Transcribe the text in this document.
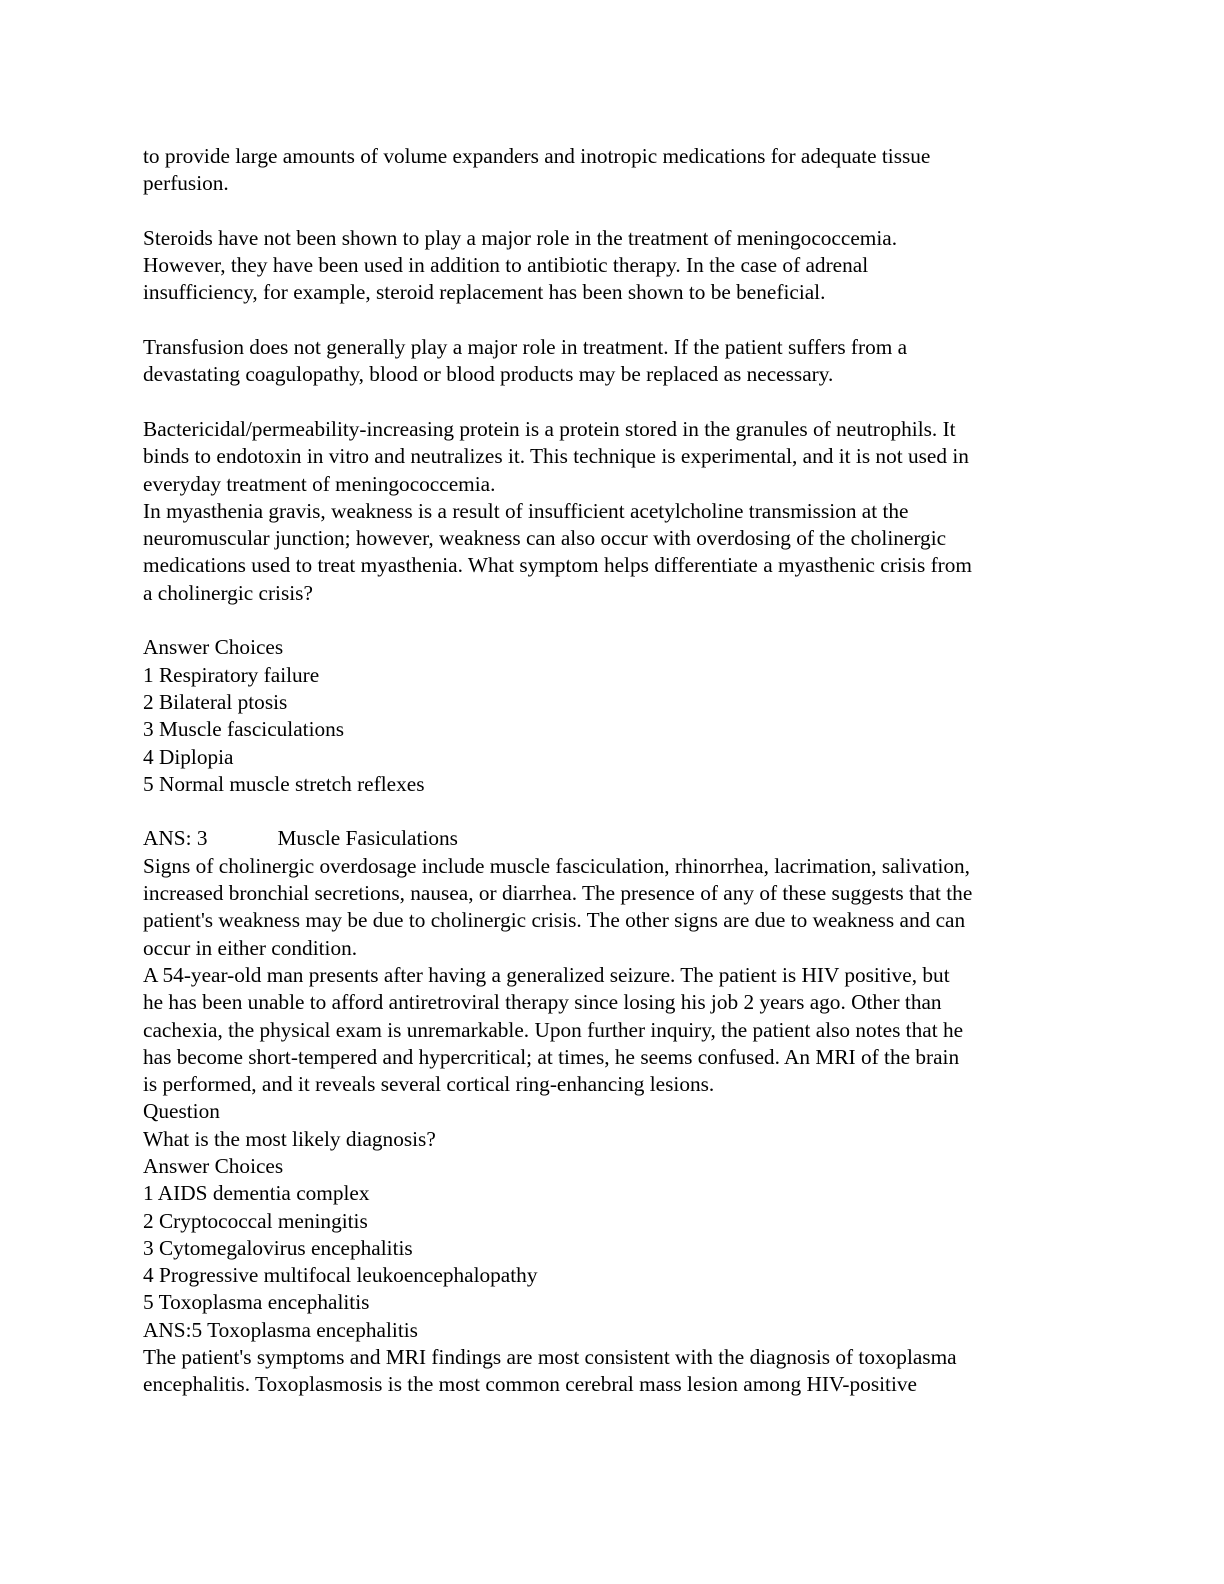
to provide large amounts of volume expanders and inotropic medications for adequate tissue

perfusion.

Steroids have not been shown to play a major role in the treatment of meningococcemia.

However, they have been used in addition to antibiotic therapy. In the case of adrenal

insufficiency, for example, steroid replacement has been shown to be beneficial.

Transfusion does not generally play a major role in treatment. If the patient suffers from a

devastating coagulopathy, blood or blood products may be replaced as necessary.

Bactericidal/permeability-increasing protein is a protein stored in the granules of neutrophils. It

binds to endotoxin in vitro and neutralizes it. This technique is experimental, and it is not used in

everyday treatment of meningococcemia.

In myasthenia gravis, weakness is a result of insufficient acetylcholine transmission at the

neuromuscular junction; however, weakness can also occur with overdosing of the cholinergic

medications used to treat myasthenia. What symptom helps differentiate a myasthenic crisis from

a cholinergic crisis?

Answer Choices

1 Respiratory failure

2 Bilateral ptosis

3 Muscle fasciculations

4 Diplopia

5 Normal muscle stretch reflexes

ANS: 3	Muscle Fasiculations

Signs of cholinergic overdosage include muscle fasciculation, rhinorrhea, lacrimation, salivation,

increased bronchial secretions, nausea, or diarrhea. The presence of any of these suggests that the

patient's weakness may be due to cholinergic crisis. The other signs are due to weakness and can

occur in either condition.

A 54-year-old man presents after having a generalized seizure. The patient is HIV positive, but

he has been unable to afford antiretroviral therapy since losing his job 2 years ago. Other than

cachexia, the physical exam is unremarkable. Upon further inquiry, the patient also notes that he

has become short-tempered and hypercritical; at times, he seems confused. An MRI of the brain

is performed, and it reveals several cortical ring-enhancing lesions.

Question

What is the most likely diagnosis?

Answer Choices

1 AIDS dementia complex

2 Cryptococcal meningitis

3 Cytomegalovirus encephalitis

4 Progressive multifocal leukoencephalopathy

5 Toxoplasma encephalitis

ANS:5 Toxoplasma encephalitis

The patient's symptoms and MRI findings are most consistent with the diagnosis of toxoplasma

encephalitis. Toxoplasmosis is the most common cerebral mass lesion among HIV-positive
